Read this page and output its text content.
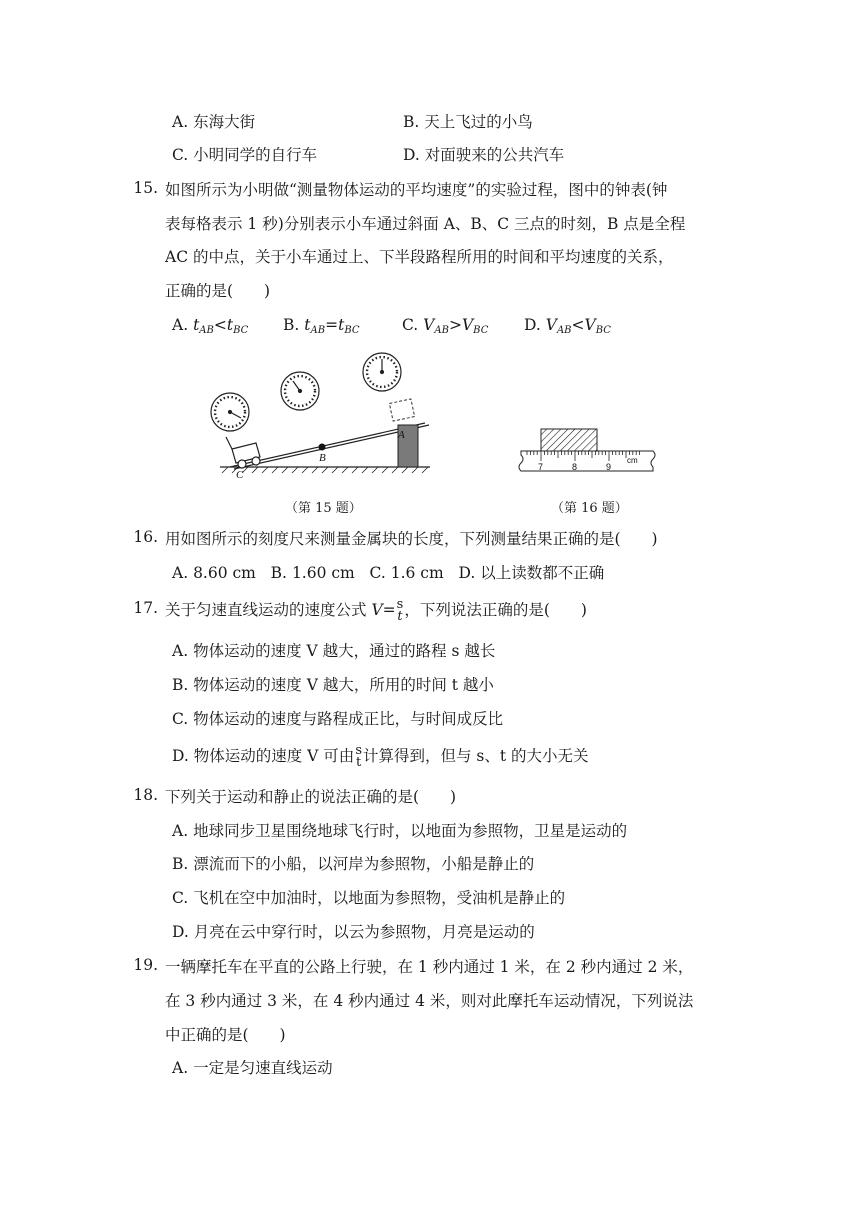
A. 东海大街	B. 天上飞过的小鸟
C. 小明同学的自行车	D. 对面驶来的公共汽车
15. 如图所示为小明做“测量物体运动的平均速度”的实验过程，图中的钟表(钟
表每格表示 1 秒)分别表示小车通过斜面 A、B、C 三点的时刻，B 点是全程
AC 的中点，关于小车通过上、下半段路程所用的时间和平均速度的关系，
正确的是(　　)
A. $t_{AB}<t_{BC}$ B. $t_{AB}=t_{BC}$	C. $V_{AB}>V_{BC}$ D. $V_{AB}<V_{BC}$
A
B
C
（第 15 题）
7	8	9
cm
（第 16 题）
16. 用如图所示的刻度尺来测量金属块的长度，下列测量结果正确的是(　　)
A. 8.60 cm B. 1.60 cm C. 1.6 cm D. 以上读数都不正确
17. 关于匀速直线运动的速度公式 V= s
t ，下列说法正确的是(　　)
A. 物体运动的速度 V 越大，通过的路程 s 越长
B. 物体运动的速度 V 越大，所用的时间 t 越小
C. 物体运动的速度与路程成正比，与时间成反比
D. 物体运动的速度 V 可由 s
t 计算得到，但与 s、t 的大小无关
18. 下列关于运动和静止的说法正确的是(　　)
A. 地球同步卫星围绕地球飞行时，以地面为参照物，卫星是运动的
B. 漂流而下的小船，以河岸为参照物，小船是静止的
C. 飞机在空中加油时，以地面为参照物，受油机是静止的
D. 月亮在云中穿行时，以云为参照物，月亮是运动的
19. 一辆摩托车在平直的公路上行驶，在 1 秒内通过 1 米，在 2 秒内通过 2 米，
在 3 秒内通过 3 米，在 4 秒内通过 4 米，则对此摩托车运动情况，下列说法
中正确的是(　　)
A. 一定是匀速直线运动
